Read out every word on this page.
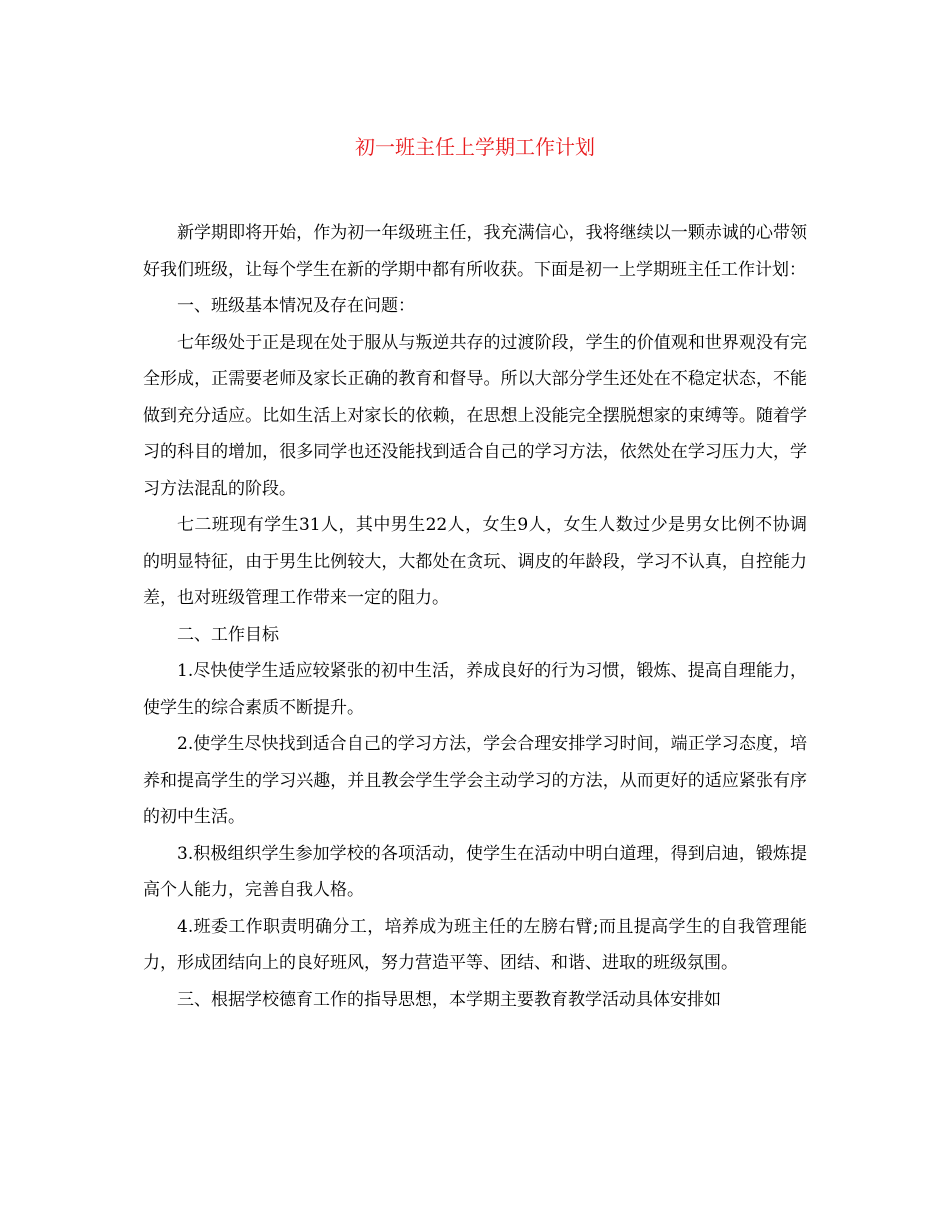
初一班主任上学期工作计划

新学期即将开始，作为初一年级班主任，我充满信心，我将继续以一颗赤诚的心带领好我们班级，让每个学生在新的学期中都有所收获。下面是初一上学期班主任工作计划：

一、班级基本情况及存在问题：

七年级处于正是现在处于服从与叛逆共存的过渡阶段，学生的价值观和世界观没有完全形成，正需要老师及家长正确的教育和督导。所以大部分学生还处在不稳定状态，不能做到充分适应。比如生活上对家长的依赖，在思想上没能完全摆脱想家的束缚等。随着学习的科目的增加，很多同学也还没能找到适合自己的学习方法，依然处在学习压力大，学习方法混乱的阶段。

七二班现有学生31人，其中男生22人，女生9人，女生人数过少是男女比例不协调的明显特征，由于男生比例较大，大都处在贪玩、调皮的年龄段，学习不认真，自控能力差，也对班级管理工作带来一定的阻力。

二、工作目标

1.尽快使学生适应较紧张的初中生活，养成良好的行为习惯，锻炼、提高自理能力，使学生的综合素质不断提升。

2.使学生尽快找到适合自己的学习方法，学会合理安排学习时间，端正学习态度，培养和提高学生的学习兴趣，并且教会学生学会主动学习的方法，从而更好的适应紧张有序的初中生活。

3.积极组织学生参加学校的各项活动，使学生在活动中明白道理，得到启迪，锻炼提高个人能力，完善自我人格。

4.班委工作职责明确分工，培养成为班主任的左膀右臂;而且提高学生的自我管理能力，形成团结向上的良好班风，努力营造平等、团结、和谐、进取的班级氛围。

三、根据学校德育工作的指导思想，本学期主要教育教学活动具体安排如
